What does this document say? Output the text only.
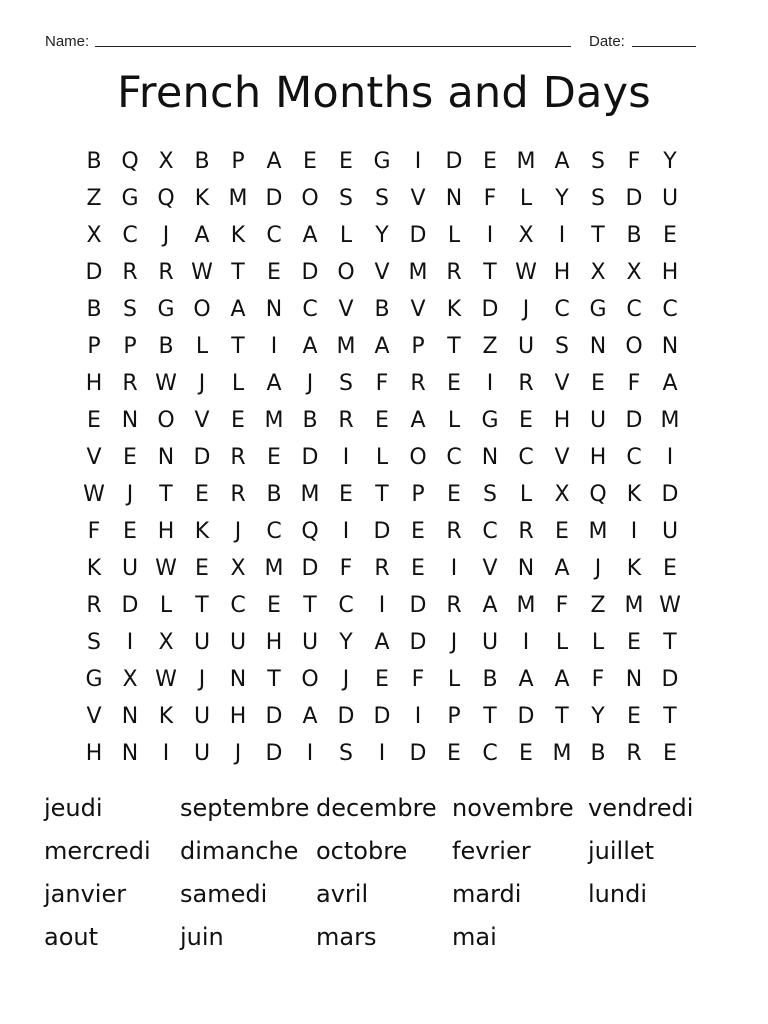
Name:	Date:
French Months and Days
B Q X B P A E	E G	I	D E M A S	F	Y
Z G Q K M D O S	S V N F	L	Y	S D U
X C	J	A K C A	L	Y D L	I	X	I	T B E
D R R W T	E D O V M R T W H X X H
B S G O A N C V B V K D	J	C G C C
P	P B	L	T	I	A M A P	T Z U S N O N
H R W J	L	A	J	S	F	R E	I	R V E	F	A
E N O V E M B R E A	L G E H U D M
V E N D R E D	I	L O C N C V H C	I
W J	T	E R B M E	T	P	E	S	L	X Q K D
F	E H K	J	C Q	I	D E R C R E M	I	U
K U W E X M D F	R E	I	V N A	J	K E
R D L	T C E	T C	I	D R A M F	Z M W
S	I	X U U H U Y A D	J	U	I	L	L	E	T
G X W J	N T O	J	E	F	L	B A A	F N D
V N K U H D A D D	I	P	T D T	Y	E	T
H N	I	U	J	D	I	S	I	D E C E M B R E
jeudi	septembre decembre novembre vendredi
mercredi	dimanche octobre	fevrier	juillet
janvier	samedi	avril	mardi	lundi
aout	juin	mars	mai
